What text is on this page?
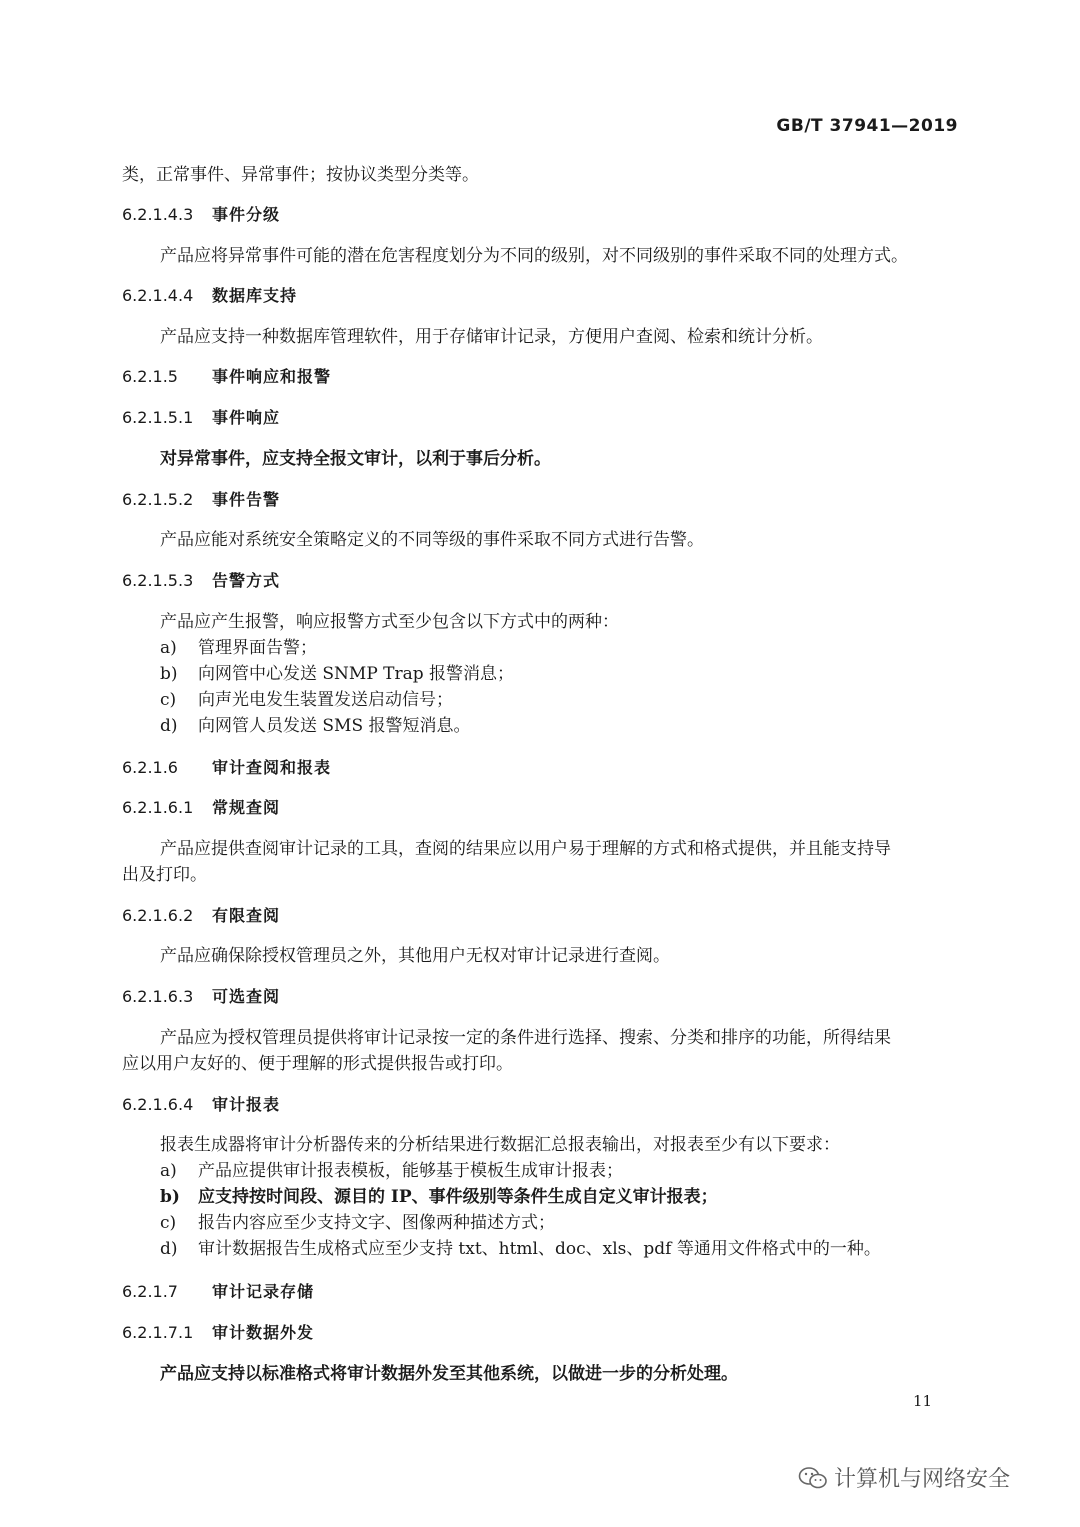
GB/T 37941—2019
类，正常事件、异常事件；按协议类型分类等。
6.2.1.4.3 事件分级
产品应将异常事件可能的潜在危害程度划分为不同的级别，对不同级别的事件采取不同的处理方式。
6.2.1.4.4 数据库支持
产品应支持一种数据库管理软件，用于存储审计记录，方便用户查阅、检索和统计分析。
6.2.1.5 事件响应和报警
6.2.1.5.1 事件响应
对异常事件，应支持全报文审计，以利于事后分析。
6.2.1.5.2 事件告警
产品应能对系统安全策略定义的不同等级的事件采取不同方式进行告警。
6.2.1.5.3 告警方式
产品应产生报警，响应报警方式至少包含以下方式中的两种：
a) 管理界面告警；
b) 向网管中心发送 SNMP Trap 报警消息；
c) 向声光电发生装置发送启动信号；
d) 向网管人员发送 SMS 报警短消息。
6.2.1.6 审计查阅和报表
6.2.1.6.1 常规查阅
产品应提供查阅审计记录的工具，查阅的结果应以用户易于理解的方式和格式提供，并且能支持导
出及打印。
6.2.1.6.2 有限查阅
产品应确保除授权管理员之外，其他用户无权对审计记录进行查阅。
6.2.1.6.3 可选查阅
产品应为授权管理员提供将审计记录按一定的条件进行选择、搜索、分类和排序的功能，所得结果
应以用户友好的、便于理解的形式提供报告或打印。
6.2.1.6.4 审计报表
报表生成器将审计分析器传来的分析结果进行数据汇总报表输出，对报表至少有以下要求：
a) 产品应提供审计报表模板，能够基于模板生成审计报表；
b) 应支持按时间段、源目的 IP、事件级别等条件生成自定义审计报表；
c) 报告内容应至少支持文字、图像两种描述方式；
d) 审计数据报告生成格式应至少支持 txt、html、doc、xls、pdf 等通用文件格式中的一种。
6.2.1.7 审计记录存储
6.2.1.7.1 审计数据外发
产品应支持以标准格式将审计数据外发至其他系统，以做进一步的分析处理。
11
计算机与网络安全
